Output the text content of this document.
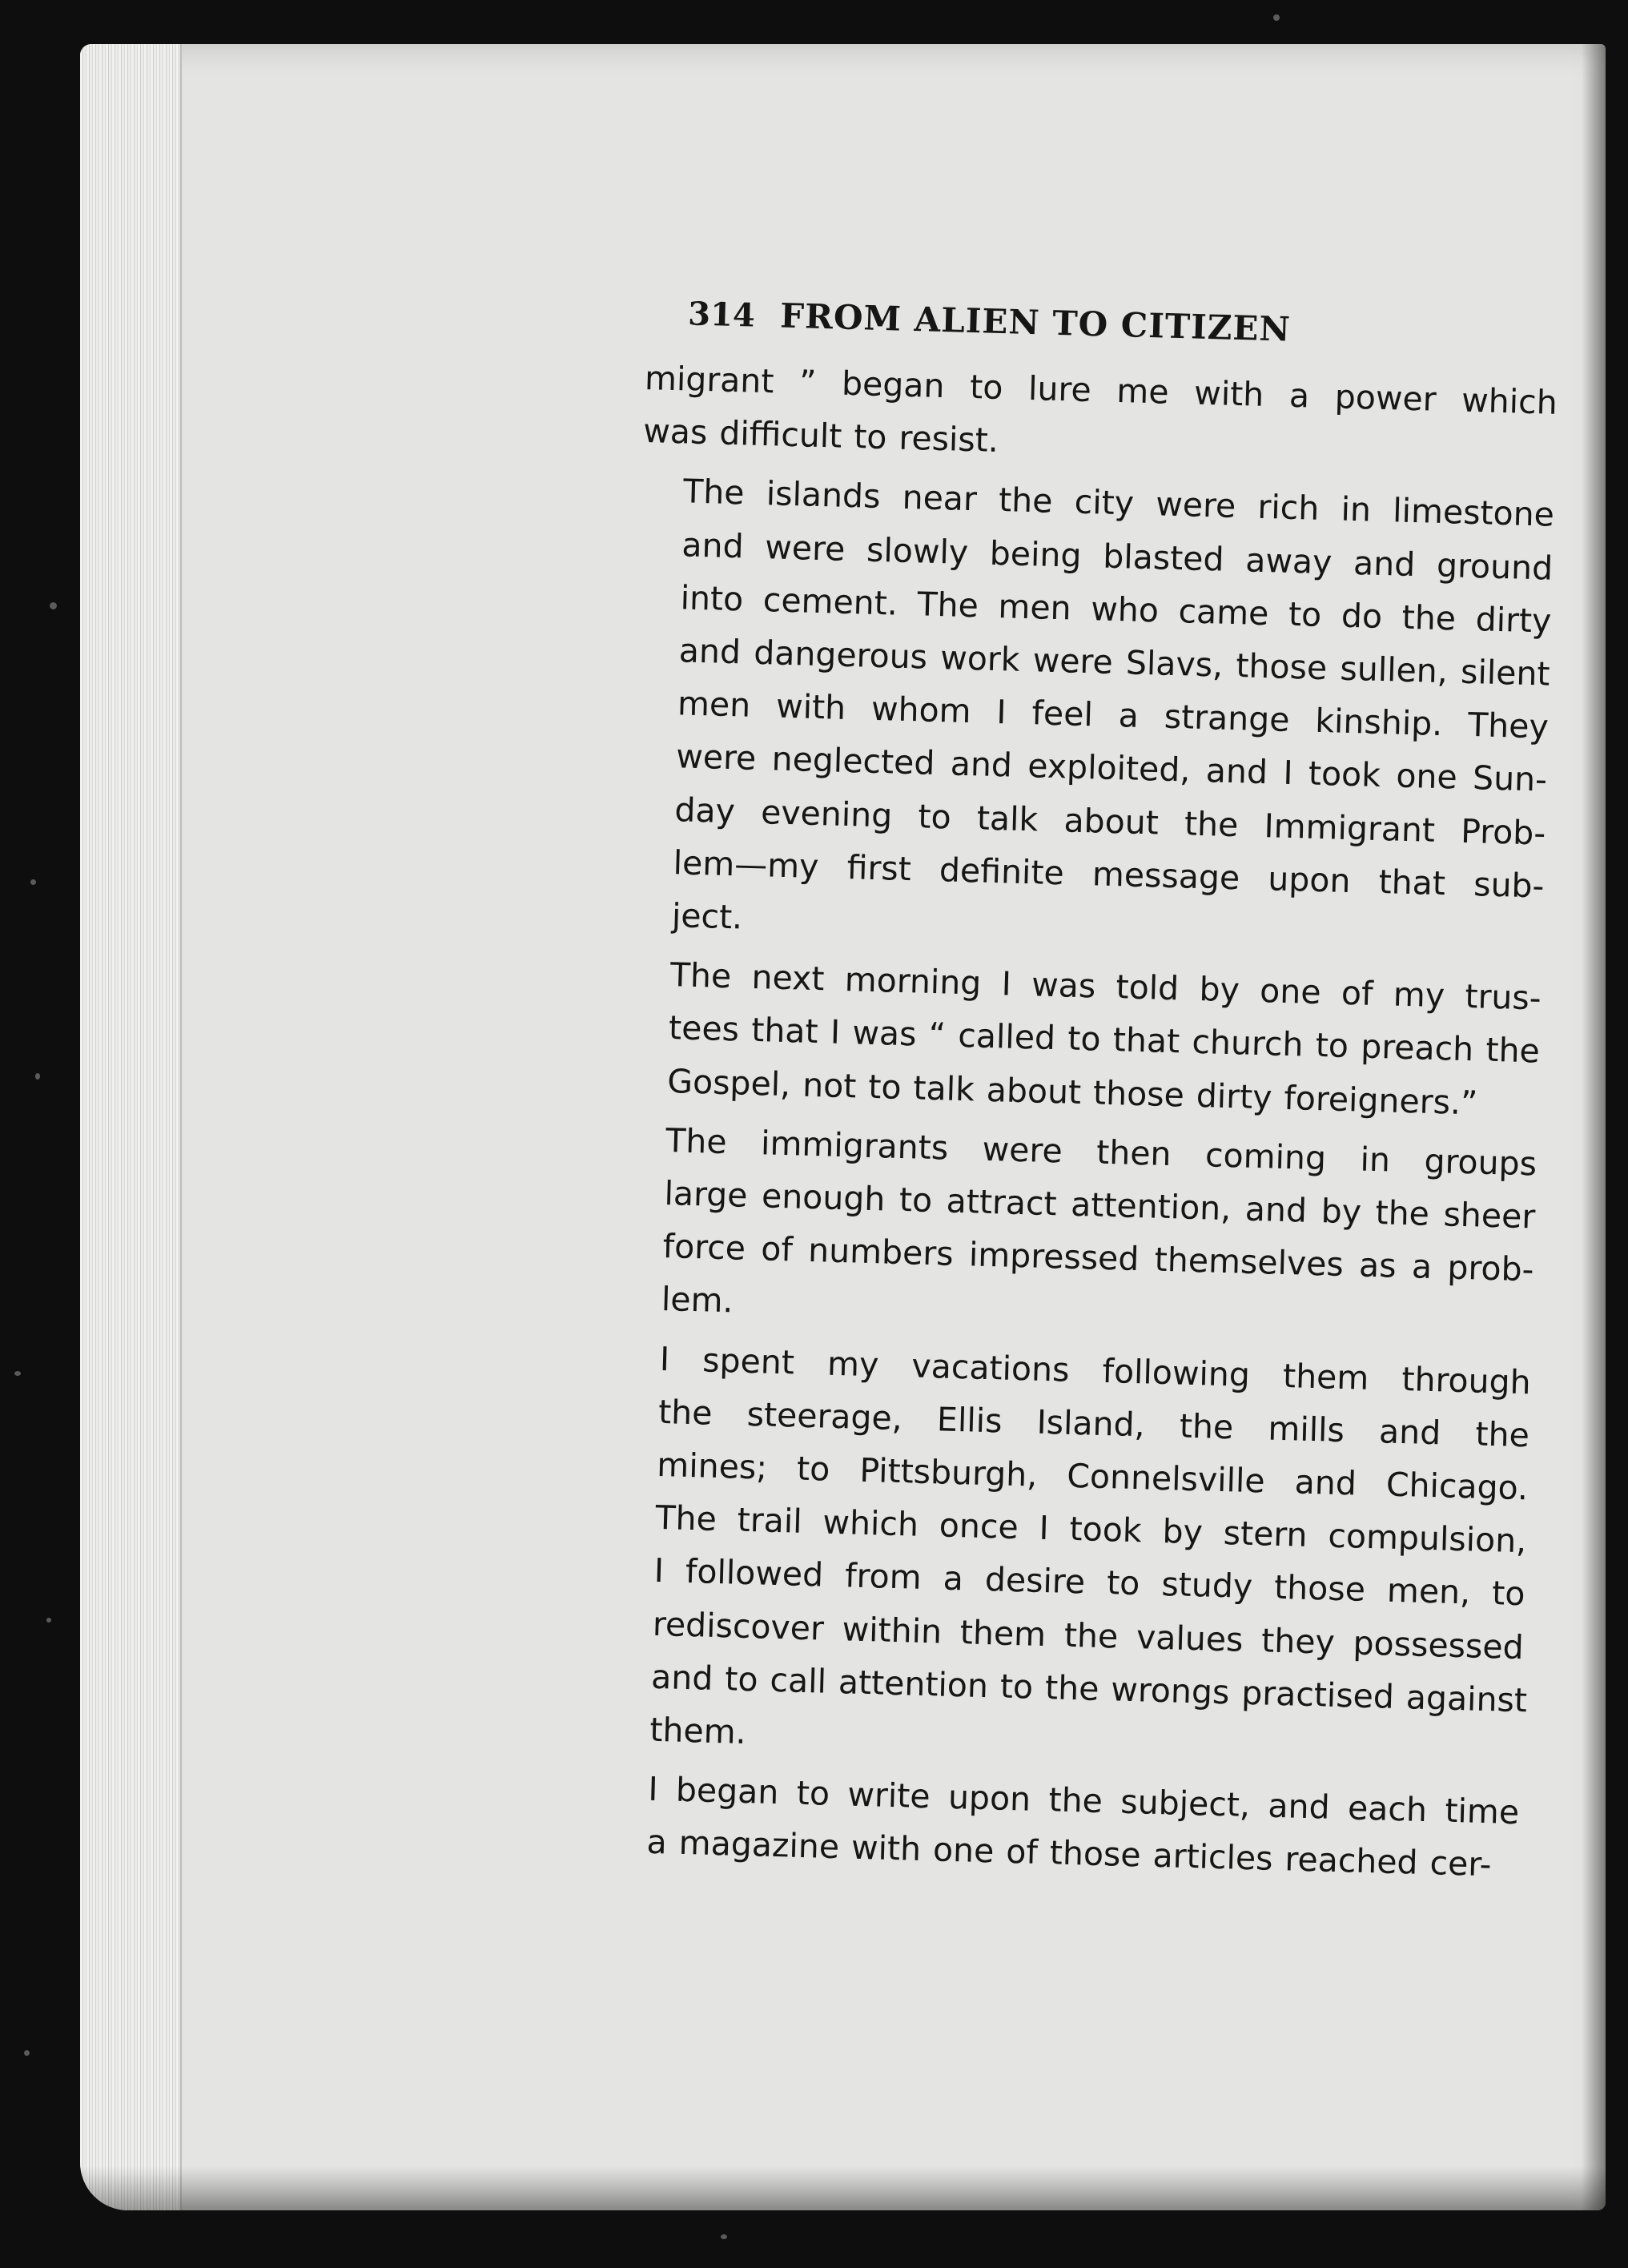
314 FROM ALIEN TO CITIZEN
migrant ” began to lure me with a power which
was difficult to resist.
The islands near the city were rich in limestone
and were slowly being blasted away and ground
into cement. The men who came to do the dirty
and dangerous work were Slavs, those sullen, silent
men with whom I feel a strange kinship. They
were neglected and exploited, and I took one Sun-
day evening to talk about the Immigrant Prob-
lem—my first definite message upon that sub-
ject.
The next morning I was told by one of my trus-
tees that I was “ called to that church to preach the
Gospel, not to talk about those dirty foreigners.”
The immigrants were then coming in groups
large enough to attract attention, and by the sheer
force of numbers impressed themselves as a prob-
lem.
I spent my vacations following them through
the steerage, Ellis Island, the mills and the
mines; to Pittsburgh, Connelsville and Chicago.
The trail which once I took by stern compulsion,
I followed from a desire to study those men, to
rediscover within them the values they possessed
and to call attention to the wrongs practised against
them.
I began to write upon the subject, and each time
a magazine with one of those articles reached cer-
